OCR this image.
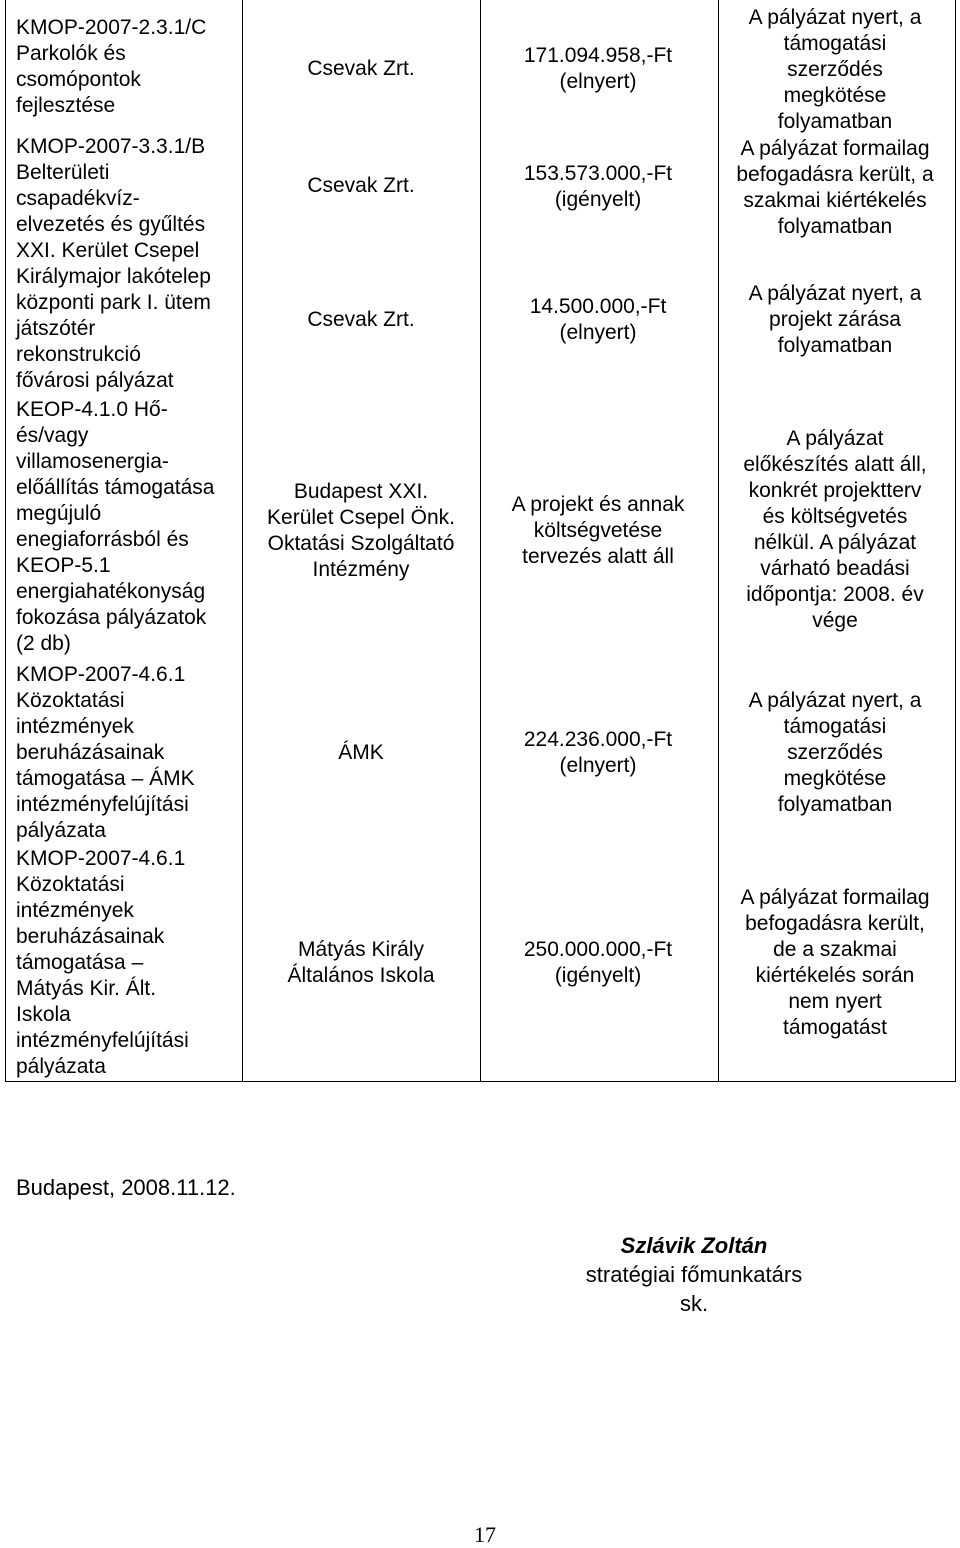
KMOP-2007-2.3.1/C
Parkolók és
csomópontok
fejlesztése
Csevak Zrt.
171.094.958,-Ft
(elnyert)
A pályázat nyert, a
támogatási
szerződés
megkötése
folyamatban
KMOP-2007-3.3.1/B
Belterületi
csapadékvíz-
elvezetés és gyűltés
Csevak Zrt.
153.573.000,-Ft
(igényelt)
A pályázat formailag
befogadásra került, a
szakmai kiértékelés
folyamatban
XXI. Kerület Csepel
Királymajor lakótelep
központi park I. ütem
játszótér
rekonstrukció
fővárosi pályázat
Csevak Zrt.
14.500.000,-Ft
(elnyert)
A pályázat nyert, a
projekt zárása
folyamatban
KEOP-4.1.0 Hő-
és/vagy
villamosenergia-
előállítás támogatása
megújuló
enegiaforrásból és
KEOP-5.1
energiahatékonyság
fokozása pályázatok
(2 db)
Budapest XXI.
Kerület Csepel Önk.
Oktatási Szolgáltató
Intézmény
A projekt és annak
költségvetése
tervezés alatt áll
A pályázat
előkészítés alatt áll,
konkrét projektterv
és költségvetés
nélkül. A pályázat
várható beadási
időpontja: 2008. év
vége
KMOP-2007-4.6.1
Közoktatási
intézmények
beruházásainak
támogatása – ÁMK
intézményfelújítási
pályázata
ÁMK
224.236.000,-Ft
(elnyert)
A pályázat nyert, a
támogatási
szerződés
megkötése
folyamatban
KMOP-2007-4.6.1
Közoktatási
intézmények
beruházásainak
támogatása –
Mátyás Kir. Ált.
Iskola
intézményfelújítási
pályázata
Mátyás Király
Általános Iskola
250.000.000,-Ft
(igényelt)
A pályázat formailag
befogadásra került,
de a szakmai
kiértékelés során
nem nyert
támogatást
Budapest, 2008.11.12.
Szlávik Zoltán
stratégiai főmunkatárs
sk.
17
